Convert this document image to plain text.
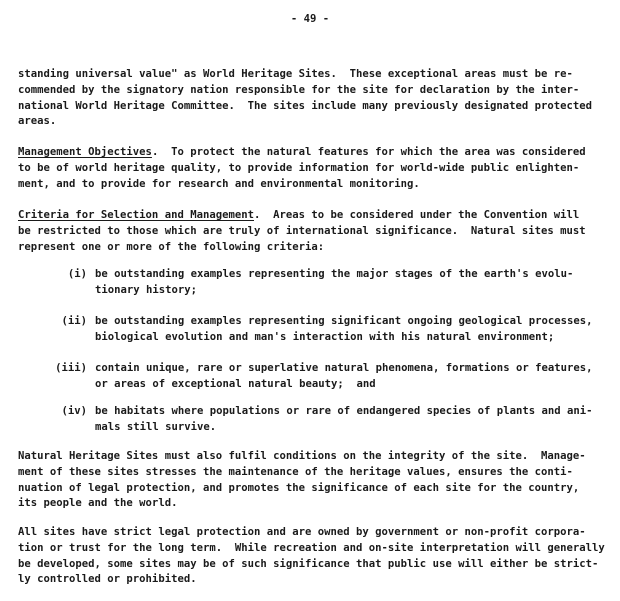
- 49 -
standing universal value" as World Heritage Sites.  These exceptional areas must be re-
commended by the signatory nation responsible for the site for declaration by the inter-
national World Heritage Committee.  The sites include many previously designated protected
areas.
Management Objectives.  To protect the natural features for which the area was considered
to be of world heritage quality, to provide information for world-wide public enlighten-
ment, and to provide for research and environmental monitoring.
Criteria for Selection and Management.  Areas to be considered under the Convention will
be restricted to those which are truly of international significance.  Natural sites must
represent one or more of the following criteria:
(i) be outstanding examples representing the major stages of the earth's evolu-
tionary history;
(ii) be outstanding examples representing significant ongoing geological processes,
biological evolution and man's interaction with his natural environment;
(iii) contain unique, rare or superlative natural phenomena, formations or features,
or areas of exceptional natural beauty;  and
(iv) be habitats where populations or rare of endangered species of plants and ani-
mals still survive.
Natural Heritage Sites must also fulfil conditions on the integrity of the site.  Manage-
ment of these sites stresses the maintenance of the heritage values, ensures the conti-
nuation of legal protection, and promotes the significance of each site for the country,
its people and the world.
All sites have strict legal protection and are owned by government or non-profit corpora-
tion or trust for the long term.  While recreation and on-site interpretation will generally
be developed, some sites may be of such significance that public use will either be strict-
ly controlled or prohibited.
